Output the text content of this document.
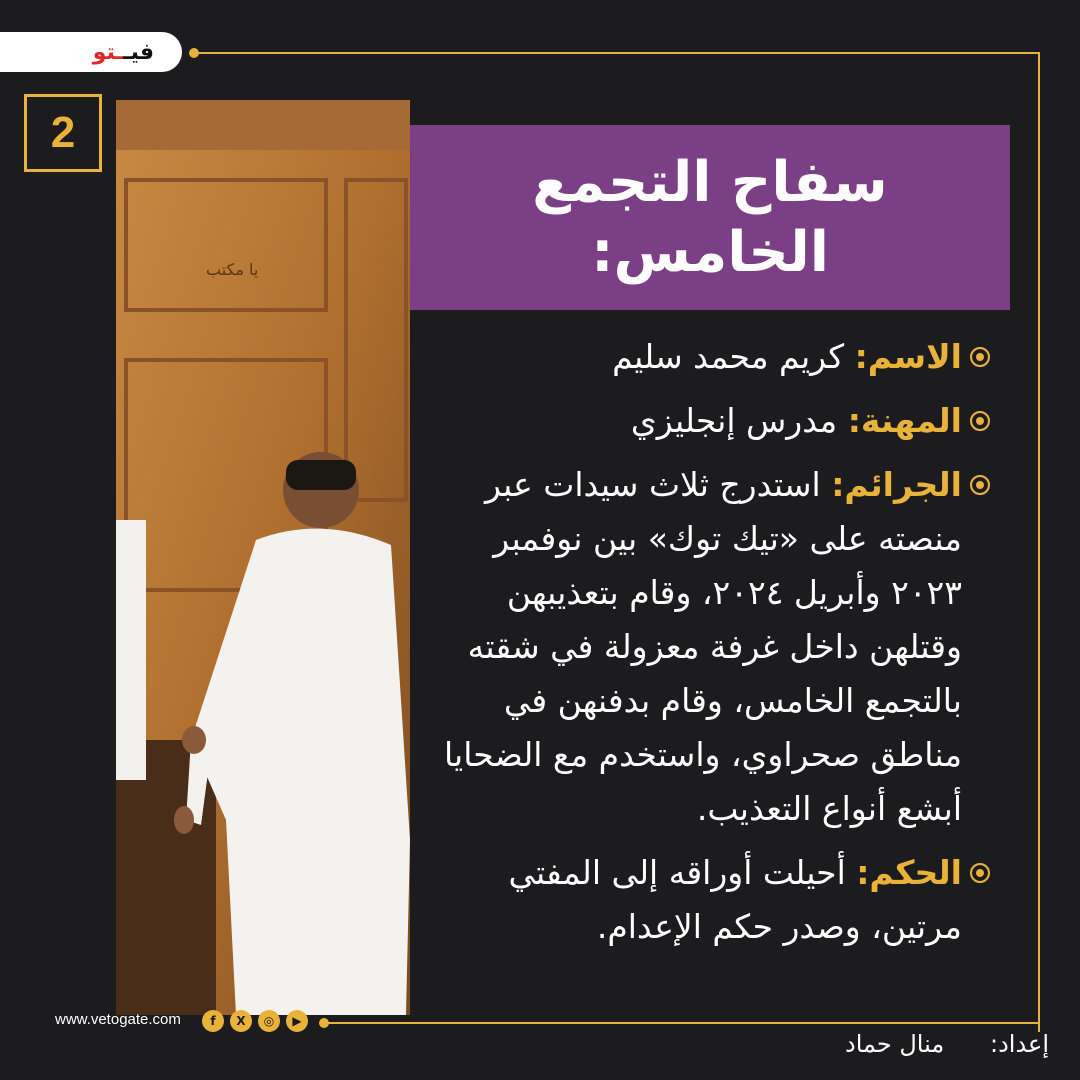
فيــتو
2
يا مكتب
سفاح التجمع
الخامس:
الاسم: كريم محمد سليم
المهنة: مدرس إنجليزي
الجرائم: استدرج ثلاث سيدات عبر منصته على «تيك توك» بين نوفمبر ٢٠٢٣ وأبريل ٢٠٢٤، وقام بتعذيبهن وقتلهن داخل غرفة معزولة في شقته بالتجمع الخامس، وقام بدفنهن في مناطق صحراوي، واستخدم مع الضحايا أبشع أنواع التعذيب.
الحكم: أحيلت أوراقه إلى المفتي مرتين، وصدر حكم الإعدام.
www.vetogate.com	f	X	◎	▶
إعداد:
منال حماد
